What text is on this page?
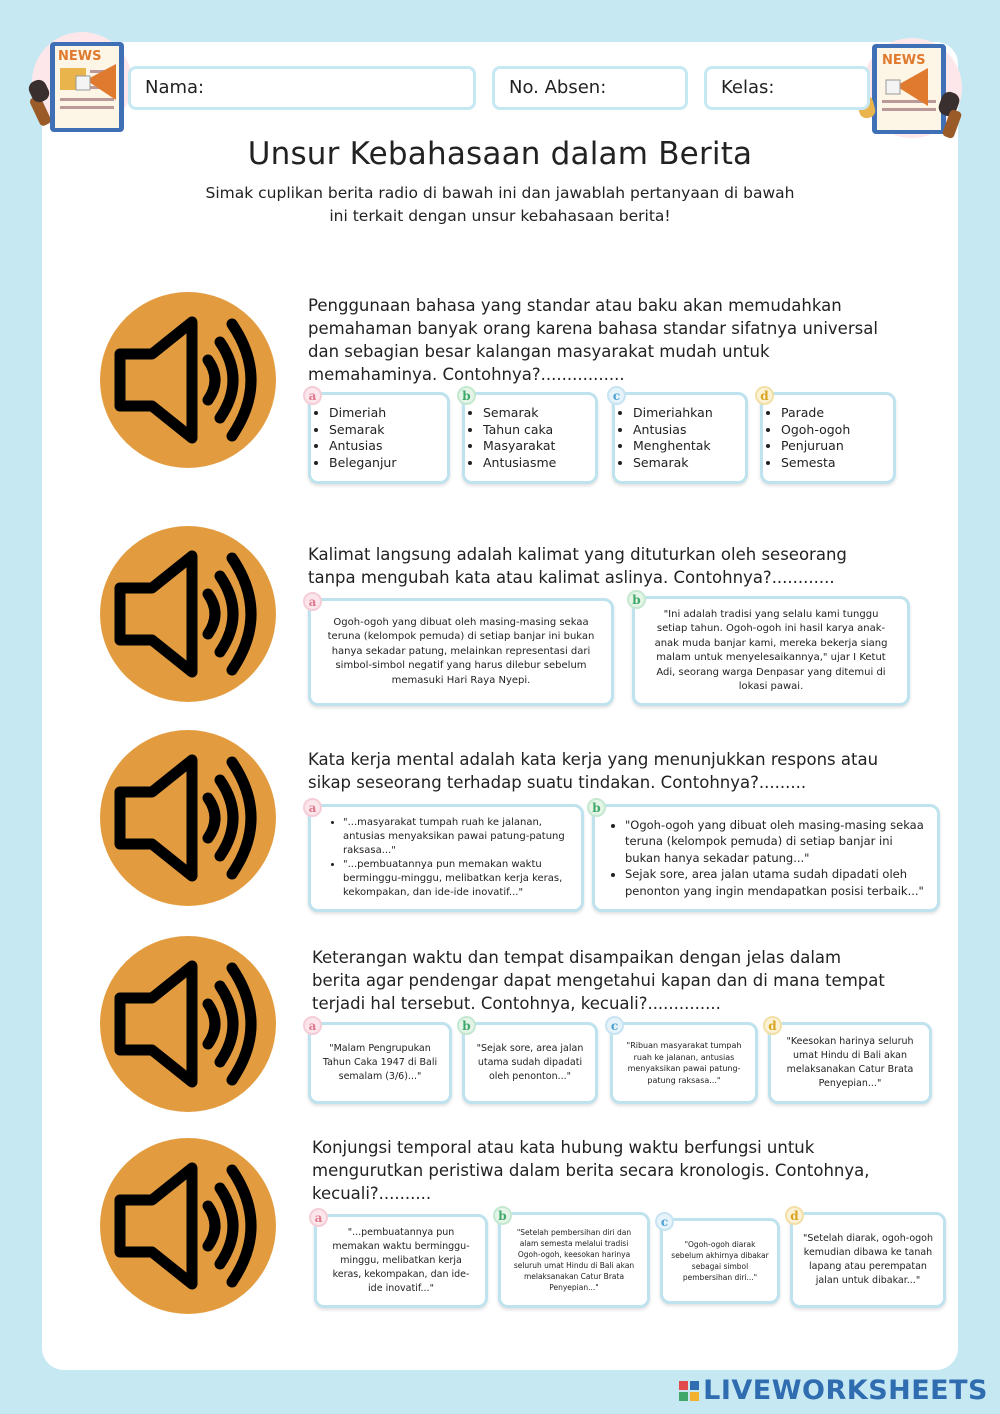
NEWS	NEWS
Nama:	No. Absen:	Kelas:
Unsur Kebahasaan dalam Berita
Simak cuplikan berita radio di bawah ini dan jawablah pertanyaan di bawah ini terkait dengan unsur kebahasaan berita!
Penggunaan bahasa yang standar atau baku akan memudahkan pemahaman banyak orang karena bahasa standar sifatnya universal dan sebagian besar kalangan masyarakat mudah untuk memahaminya. Contohnya?................
a
• Dimeriah
• Semarak
• Antusias
• Beleganjur
b
• Semarak
• Tahun caka
• Masyarakat
• Antusiasme
c
• Dimeriahkan
• Antusias
• Menghentak
• Semarak
d
• Parade
• Ogoh-ogoh
• Penjuruan
• Semesta
Kalimat langsung adalah kalimat yang dituturkan oleh seseorang tanpa mengubah kata atau kalimat aslinya. Contohnya?............
a
Ogoh-ogoh yang dibuat oleh masing-masing sekaa teruna (kelompok pemuda) di setiap banjar ini bukan hanya sekadar patung, melainkan representasi dari simbol-simbol negatif yang harus dilebur sebelum memasuki Hari Raya Nyepi.
b
"Ini adalah tradisi yang selalu kami tunggu setiap tahun. Ogoh-ogoh ini hasil karya anak-anak muda banjar kami, mereka bekerja siang malam untuk menyelesaikannya," ujar I Ketut Adi, seorang warga Denpasar yang ditemui di lokasi pawai.
Kata kerja mental adalah kata kerja yang menunjukkan respons atau sikap seseorang terhadap suatu tindakan. Contohnya?.........
a
• "...masyarakat tumpah ruah ke jalanan, antusias menyaksikan pawai patung-patung raksasa..."
• "...pembuatannya pun memakan waktu berminggu-minggu, melibatkan kerja keras, kekompakan, dan ide-ide inovatif..."
b
• "Ogoh-ogoh yang dibuat oleh masing-masing sekaa teruna (kelompok pemuda) di setiap banjar ini bukan hanya sekadar patung..."
• Sejak sore, area jalan utama sudah dipadati oleh penonton yang ingin mendapatkan posisi terbaik..."
Keterangan waktu dan tempat disampaikan dengan jelas dalam berita agar pendengar dapat mengetahui kapan dan di mana tempat terjadi hal tersebut. Contohnya, kecuali?..............
a
"Malam Pengrupukan Tahun Caka 1947 di Bali semalam (3/6)..."
b
"Sejak sore, area jalan utama sudah dipadati oleh penonton..."
c
"Ribuan masyarakat tumpah ruah ke jalanan, antusias menyaksikan pawai patung-patung raksasa..."
d
"Keesokan harinya seluruh umat Hindu di Bali akan melaksanakan Catur Brata Penyepian..."
Konjungsi temporal atau kata hubung waktu berfungsi untuk mengurutkan peristiwa dalam berita secara kronologis. Contohnya, kecuali?..........
a
"...pembuatannya pun memakan waktu berminggu-minggu, melibatkan kerja keras, kekompakan, dan ide-ide inovatif..."
b
"Setelah pembersihan diri dan alam semesta melalui tradisi Ogoh-ogoh, keesokan harinya seluruh umat Hindu di Bali akan melaksanakan Catur Brata Penyepian..."
c
"Ogoh-ogoh diarak sebelum akhirnya dibakar sebagai simbol pembersihan diri..."
d
"Setelah diarak, ogoh-ogoh kemudian dibawa ke tanah lapang atau perempatan jalan untuk dibakar..."
LIVEWORKSHEETS
